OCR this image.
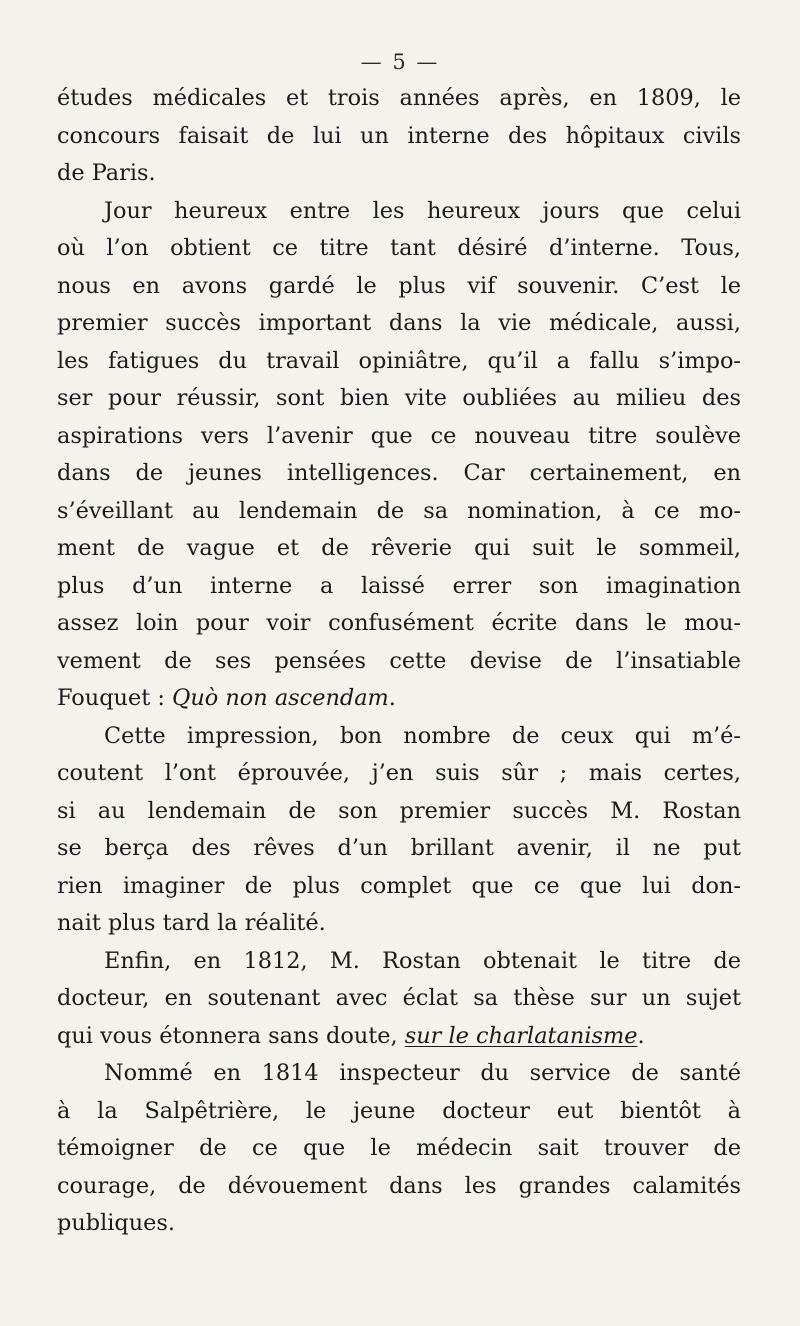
— 5 —
études médicales et trois années après, en 1809, le
concours faisait de lui un interne des hôpitaux civils
de Paris.
Jour heureux entre les heureux jours que celui
où l’on obtient ce titre tant désiré d’interne. Tous,
nous en avons gardé le plus vif souvenir. C’est le
premier succès important dans la vie médicale, aussi,
les fatigues du travail opiniâtre, qu’il a fallu s’impo-
ser pour réussir, sont bien vite oubliées au milieu des
aspirations vers l’avenir que ce nouveau titre soulève
dans de jeunes intelligences. Car certainement, en
s’éveillant au lendemain de sa nomination, à ce mo-
ment de vague et de rêverie qui suit le sommeil,
plus d’un interne a laissé errer son imagination
assez loin pour voir confusément écrite dans le mou-
vement de ses pensées cette devise de l’insatiable
Fouquet : Quò non ascendam.
Cette impression, bon nombre de ceux qui m’é-
coutent l’ont éprouvée, j’en suis sûr ; mais certes,
si au lendemain de son premier succès M. Rostan
se berça des rêves d’un brillant avenir, il ne put
rien imaginer de plus complet que ce que lui don-
nait plus tard la réalité.
Enfin, en 1812, M. Rostan obtenait le titre de
docteur, en soutenant avec éclat sa thèse sur un sujet
qui vous étonnera sans doute, sur le charlatanisme.
Nommé en 1814 inspecteur du service de santé
à la Salpêtrière, le jeune docteur eut bientôt à
témoigner de ce que le médecin sait trouver de
courage, de dévouement dans les grandes calamités
publiques.
